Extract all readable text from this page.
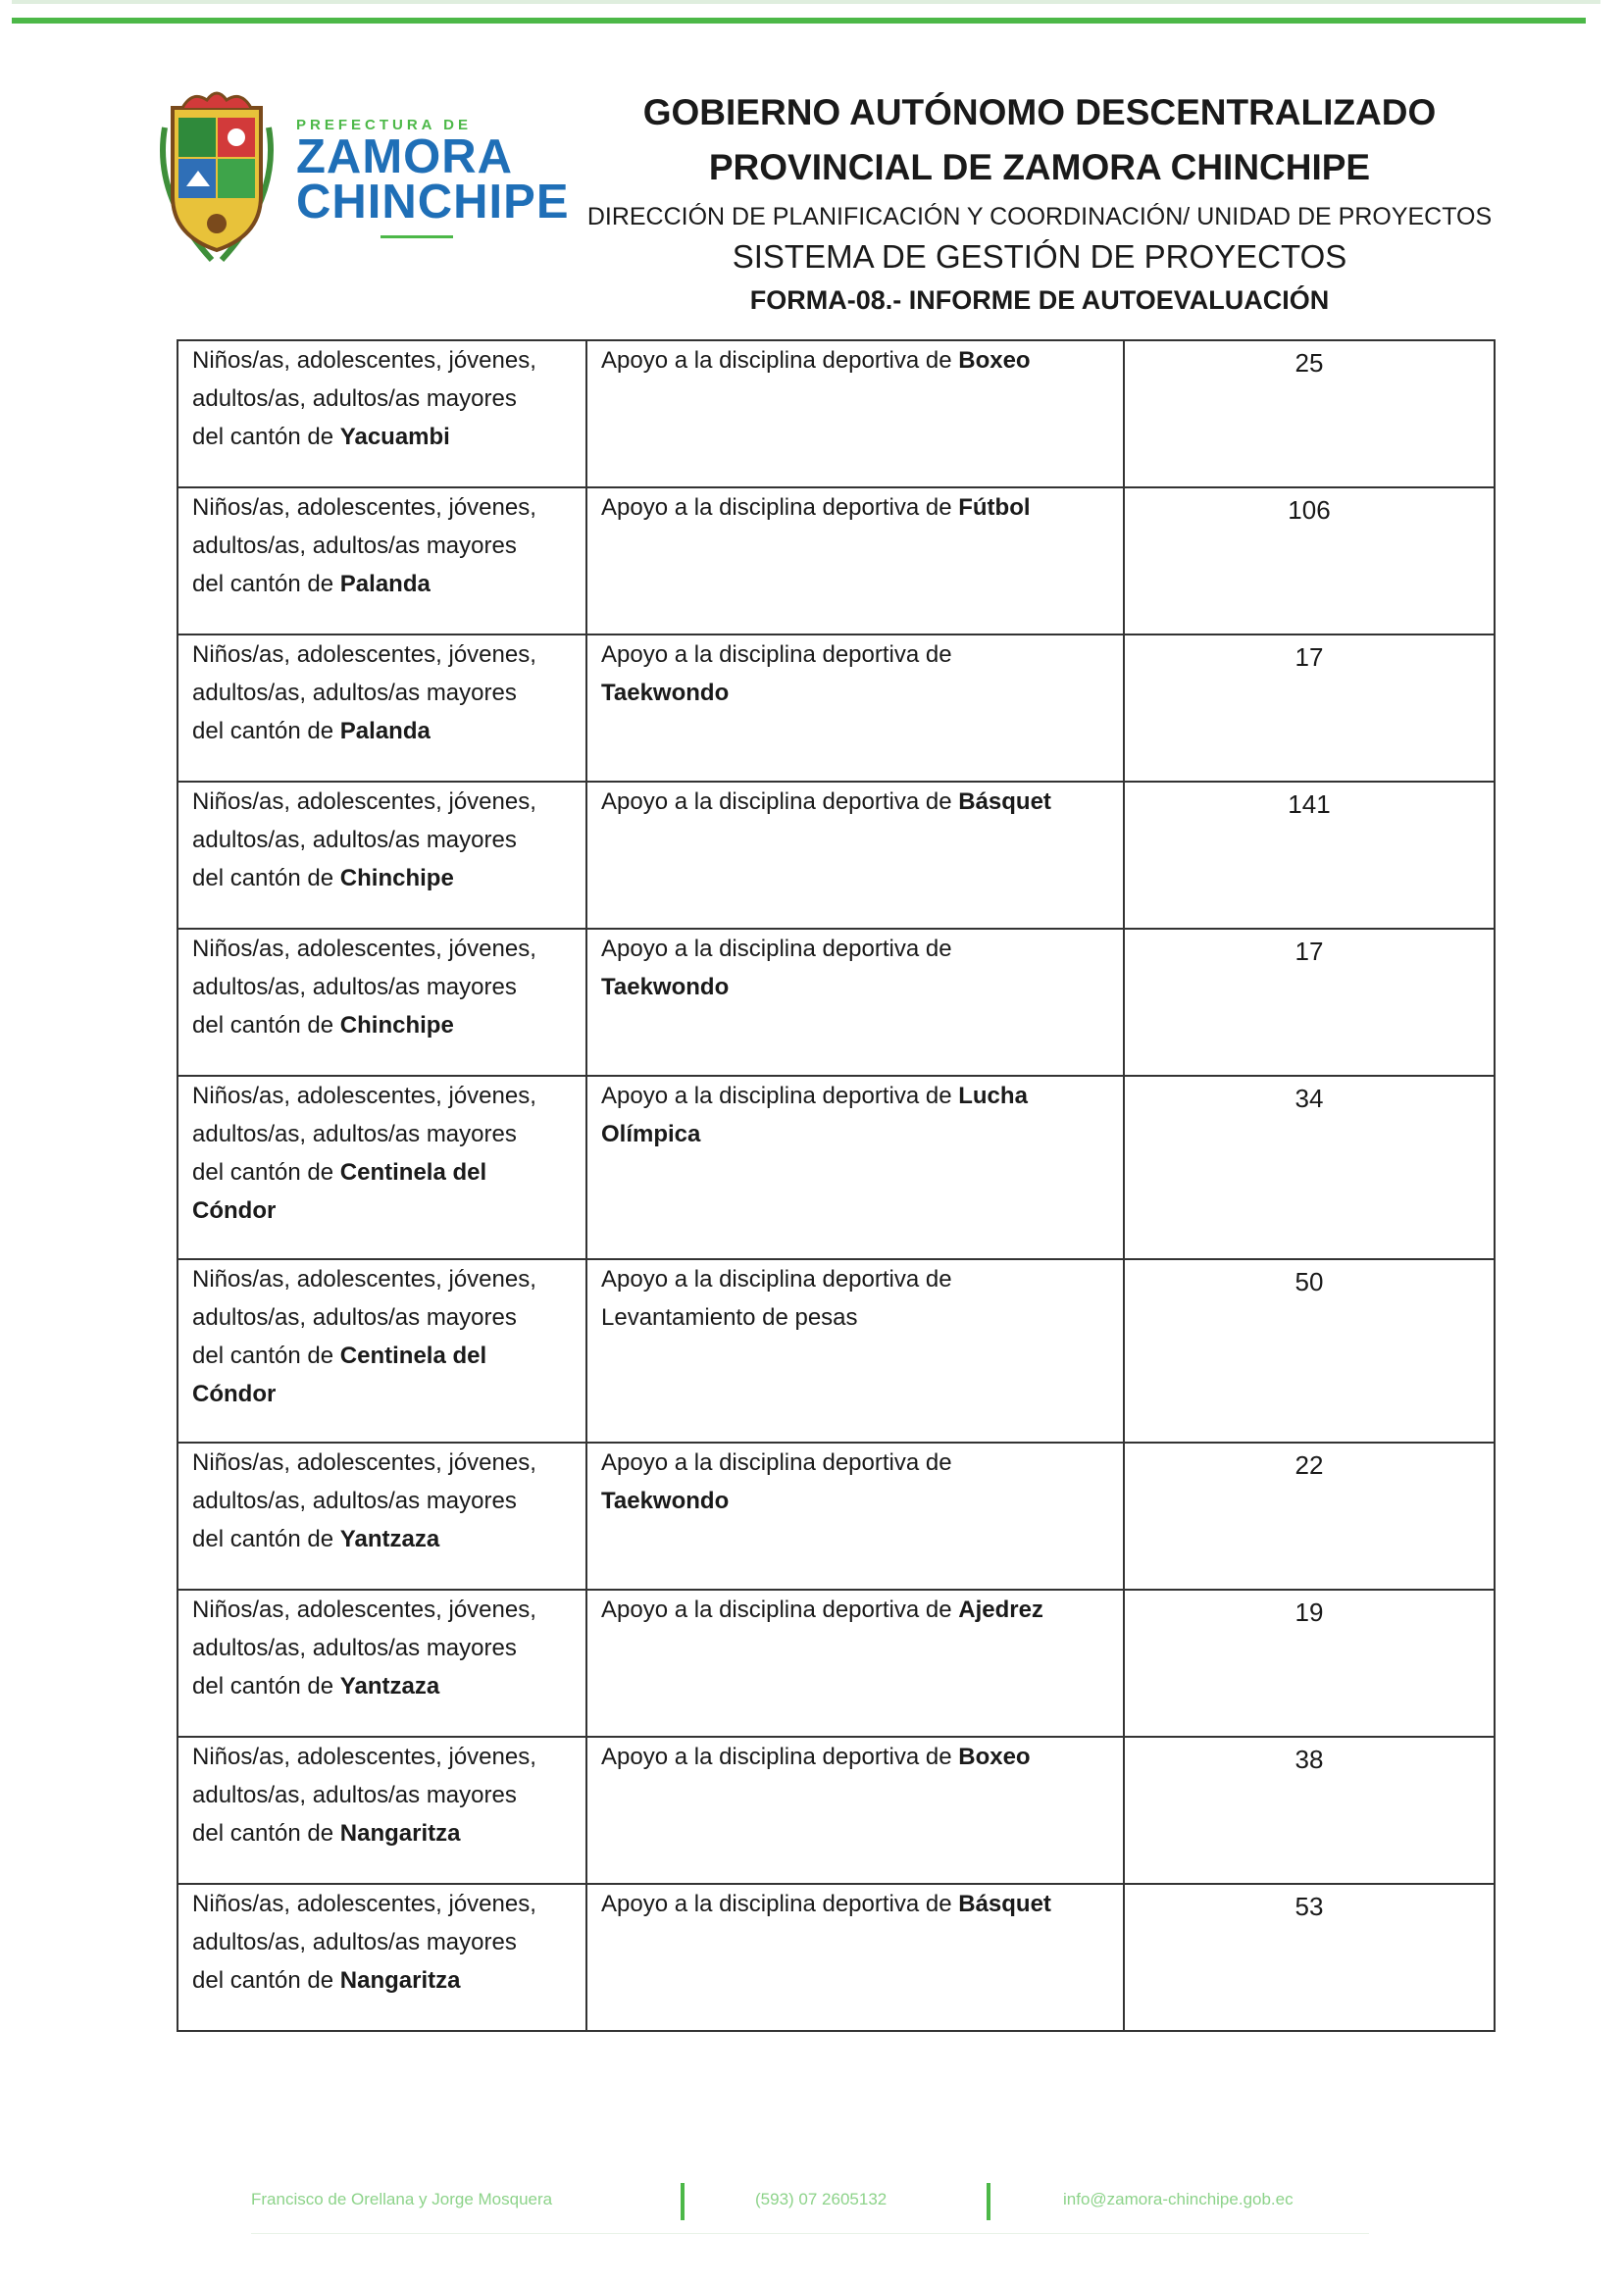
PREFECTURA DE
ZAMORA
CHINCHIPE
GOBIERNO AUTÓNOMO DESCENTRALIZADO
PROVINCIAL DE ZAMORA CHINCHIPE
DIRECCIÓN DE PLANIFICACIÓN Y COORDINACIÓN/ UNIDAD DE PROYECTOS
SISTEMA DE GESTIÓN DE PROYECTOS
FORMA-08.- INFORME DE AUTOEVALUACIÓN
Niños/as, adolescentes, jóvenes,
adultos/as, adultos/as mayores
del cantón de Yacuambi	Apoyo a la disciplina deportiva de Boxeo	25
Niños/as, adolescentes, jóvenes,
adultos/as, adultos/as mayores
del cantón de Palanda	Apoyo a la disciplina deportiva de Fútbol	106
Niños/as, adolescentes, jóvenes,
adultos/as, adultos/as mayores
del cantón de Palanda	Apoyo a la disciplina deportiva de
Taekwondo	17
Niños/as, adolescentes, jóvenes,
adultos/as, adultos/as mayores
del cantón de Chinchipe	Apoyo a la disciplina deportiva de Básquet	141
Niños/as, adolescentes, jóvenes,
adultos/as, adultos/as mayores
del cantón de Chinchipe	Apoyo a la disciplina deportiva de
Taekwondo	17
Niños/as, adolescentes, jóvenes,
adultos/as, adultos/as mayores
del cantón de Centinela del
Cóndor	Apoyo a la disciplina deportiva de Lucha Olímpica	34
Niños/as, adolescentes, jóvenes,
adultos/as, adultos/as mayores
del cantón de Centinela del
Cóndor	Apoyo a la disciplina deportiva de
Levantamiento de pesas	50
Niños/as, adolescentes, jóvenes,
adultos/as, adultos/as mayores
del cantón de Yantzaza	Apoyo a la disciplina deportiva de
Taekwondo	22
Niños/as, adolescentes, jóvenes,
adultos/as, adultos/as mayores
del cantón de Yantzaza	Apoyo a la disciplina deportiva de Ajedrez	19
Niños/as, adolescentes, jóvenes,
adultos/as, adultos/as mayores
del cantón de Nangaritza	Apoyo a la disciplina deportiva de Boxeo	38
Niños/as, adolescentes, jóvenes,
adultos/as, adultos/as mayores
del cantón de Nangaritza	Apoyo a la disciplina deportiva de Básquet	53
Francisco de Orellana y Jorge Mosquera	(593) 07 2605132	info@zamora-chinchipe.gob.ec
